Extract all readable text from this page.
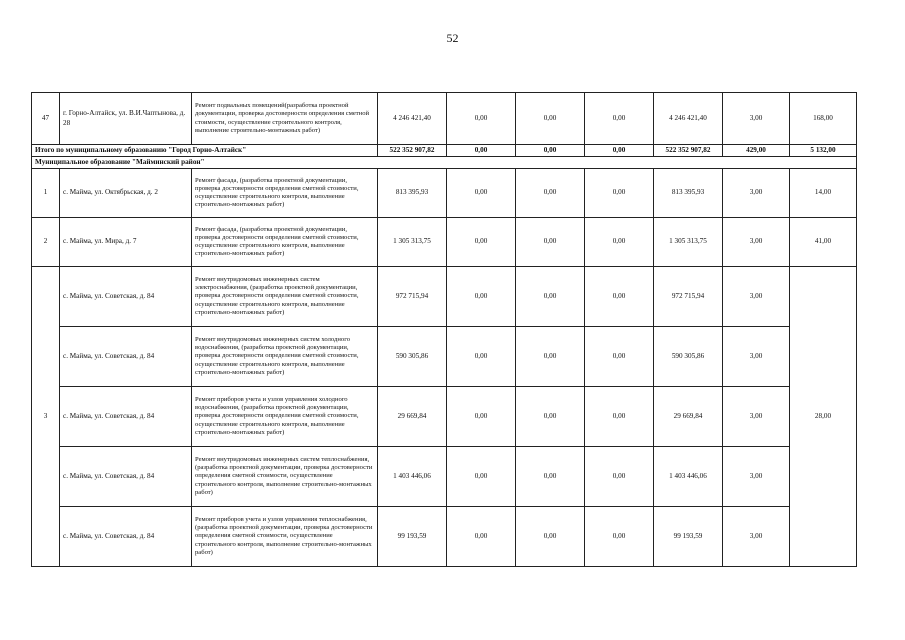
52
47	г. Горно-Алтайск, ул. В.И.Чаптынова, д. 28	Ремонт подвальных помещений(разработка проектной документации, проверка достоверности определения сметной стоимости, осуществление строительного контроля, выполнение строительно-монтажных работ)	4 246 421,40	0,00	0,00	0,00	4 246 421,40	3,00	168,00
Итого по муниципальному образованию "Город Горно-Алтайск"			522 352 907,82	0,00	0,00	0,00	522 352 907,82	429,00	5 132,00
Муниципальное образование "Майминский район"									
1	с. Майма, ул. Октябрьская, д. 2	Ремонт фасада, (разработка проектной документации, проверка достоверности определения сметной стоимости, осуществление строительного контроля, выполнение строительно-монтажных работ)	813 395,93	0,00	0,00	0,00	813 395,93	3,00	14,00
2	с. Майма, ул. Мира, д. 7	Ремонт фасада, (разработка проектной документации, проверка достоверности определения сметной стоимости, осуществление строительного контроля, выполнение строительно-монтажных работ)	1 305 313,75	0,00	0,00	0,00	1 305 313,75	3,00	41,00
3	с. Майма, ул. Советская, д. 84	Ремонт внутридомовых инженерных систем электроснабжения, (разработка проектной документации, проверка достоверности определения сметной стоимости, осуществление строительного контроля, выполнение строительно-монтажных работ)	972 715,94	0,00	0,00	0,00	972 715,94	3,00	28,00
	с. Майма, ул. Советская, д. 84	Ремонт внутридомовых инженерных систем холодного водоснабжения, (разработка проектной документации, проверка достоверности определения сметной стоимости, осуществление строительного контроля, выполнение строительно-монтажных работ)	590 305,86	0,00	0,00	0,00	590 305,86	3,00	
	с. Майма, ул. Советская, д. 84	Ремонт приборов учета и узлов управления холодного водоснабжения, (разработка проектной документации, проверка достоверности определения сметной стоимости, осуществление строительного контроля, выполнение строительно-монтажных работ)	29 669,84	0,00	0,00	0,00	29 669,84	3,00	
	с. Майма, ул. Советская, д. 84	Ремонт внутридомовых инженерных систем теплоснабжения, (разработка проектной документации, проверка достоверности определения сметной стоимости, осуществление строительного контроля, выполнение строительно-монтажных работ)	1 403 446,06	0,00	0,00	0,00	1 403 446,06	3,00	
	с. Майма, ул. Советская, д. 84	Ремонт приборов учета и узлов управления теплоснабжения, (разработка проектной документации, проверка достоверности определения сметной стоимости, осуществление строительного контроля, выполнение строительно-монтажных работ)	99 193,59	0,00	0,00	0,00	99 193,59	3,00	
